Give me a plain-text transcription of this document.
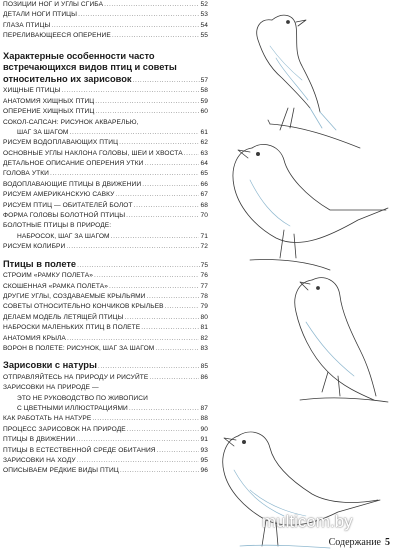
ПОЗИЦИИ НОГ И УГЛЫ СГИБА .....	52
ДЕТАЛИ НОГИ ПТИЦЫ .....	53
ГЛАЗА ПТИЦЫ .....	54
ПЕРЕЛИВАЮЩЕЕСЯ ОПЕРЕНИЕ .....	55
Характерные особенности часто
встречающихся видов птиц и советы
относительно их зарисовок .....	57
ХИЩНЫЕ ПТИЦЫ .....	58
АНАТОМИЯ ХИЩНЫХ ПТИЦ .....	59
ОПЕРЕНИЕ ХИЩНЫХ ПТИЦ .....	60
СОКОЛ-САПСАН: РИСУНОК АКВАРЕЛЬЮ,
ШАГ ЗА ШАГОМ .....	61
РИСУЕМ ВОДОПЛАВАЮЩИХ ПТИЦ .....	62
ОСНОВНЫЕ УГЛЫ НАКЛОНА ГОЛОВЫ, ШЕИ И ХВОСТА .....	63
ДЕТАЛЬНОЕ ОПИСАНИЕ ОПЕРЕНИЯ УТКИ .....	64
ГОЛОВА УТКИ .....	65
ВОДОПЛАВАЮЩИЕ ПТИЦЫ В ДВИЖЕНИИ .....	66
РИСУЕМ АМЕРИКАНСКУЮ САВКУ .....	67
РИСУЕМ ПТИЦ — ОБИТАТЕЛЕЙ БОЛОТ .....	68
ФОРМА ГОЛОВЫ БОЛОТНОЙ ПТИЦЫ .....	70
БОЛОТНЫЕ ПТИЦЫ В ПРИРОДЕ:
НАБРОСОК, ШАГ ЗА ШАГОМ .....	71
РИСУЕМ КОЛИБРИ .....	72
Птицы в полете .....	75
СТРОИМ «РАМКУ ПОЛЕТА» .....	76
СКОШЕННАЯ «РАМКА ПОЛЕТА» .....	77
ДРУГИЕ УГЛЫ, СОЗДАВАЕМЫЕ КРЫЛЬЯМИ .....	78
СОВЕТЫ ОТНОСИТЕЛЬНО КОНЧИКОВ КРЫЛЬЕВ .....	79
ДЕЛАЕМ МОДЕЛЬ ЛЕТЯЩЕЙ ПТИЦЫ .....	80
НАБРОСКИ МАЛЕНЬКИХ ПТИЦ В ПОЛЕТЕ .....	81
АНАТОМИЯ КРЫЛА .....	82
ВОРОН В ПОЛЕТЕ: РИСУНОК, ШАГ ЗА ШАГОМ .....	83
Зарисовки с натуры .....	85
ОТПРАВЛЯЙТЕСЬ НА ПРИРОДУ И РИСУЙТЕ .....	86
ЗАРИСОВКИ НА ПРИРОДЕ —
ЭТО НЕ РУКОВОДСТВО ПО ЖИВОПИСИ
С ЦВЕТНЫМИ ИЛЛЮСТРАЦИЯМИ .....	87
КАК РАБОТАТЬ НА НАТУРЕ .....	88
ПРОЦЕСС ЗАРИСОВОК НА ПРИРОДЕ .....	90
ПТИЦЫ В ДВИЖЕНИИ .....	91
ПТИЦЫ В ЕСТЕСТВЕННОЙ СРЕДЕ ОБИТАНИЯ .....	93
ЗАРИСОВКИ НА ХОДУ .....	95
ОПИСЫВАЕМ РЕДКИЕ ВИДЫ ПТИЦ .....	96
multicom.by
Содержание 5
